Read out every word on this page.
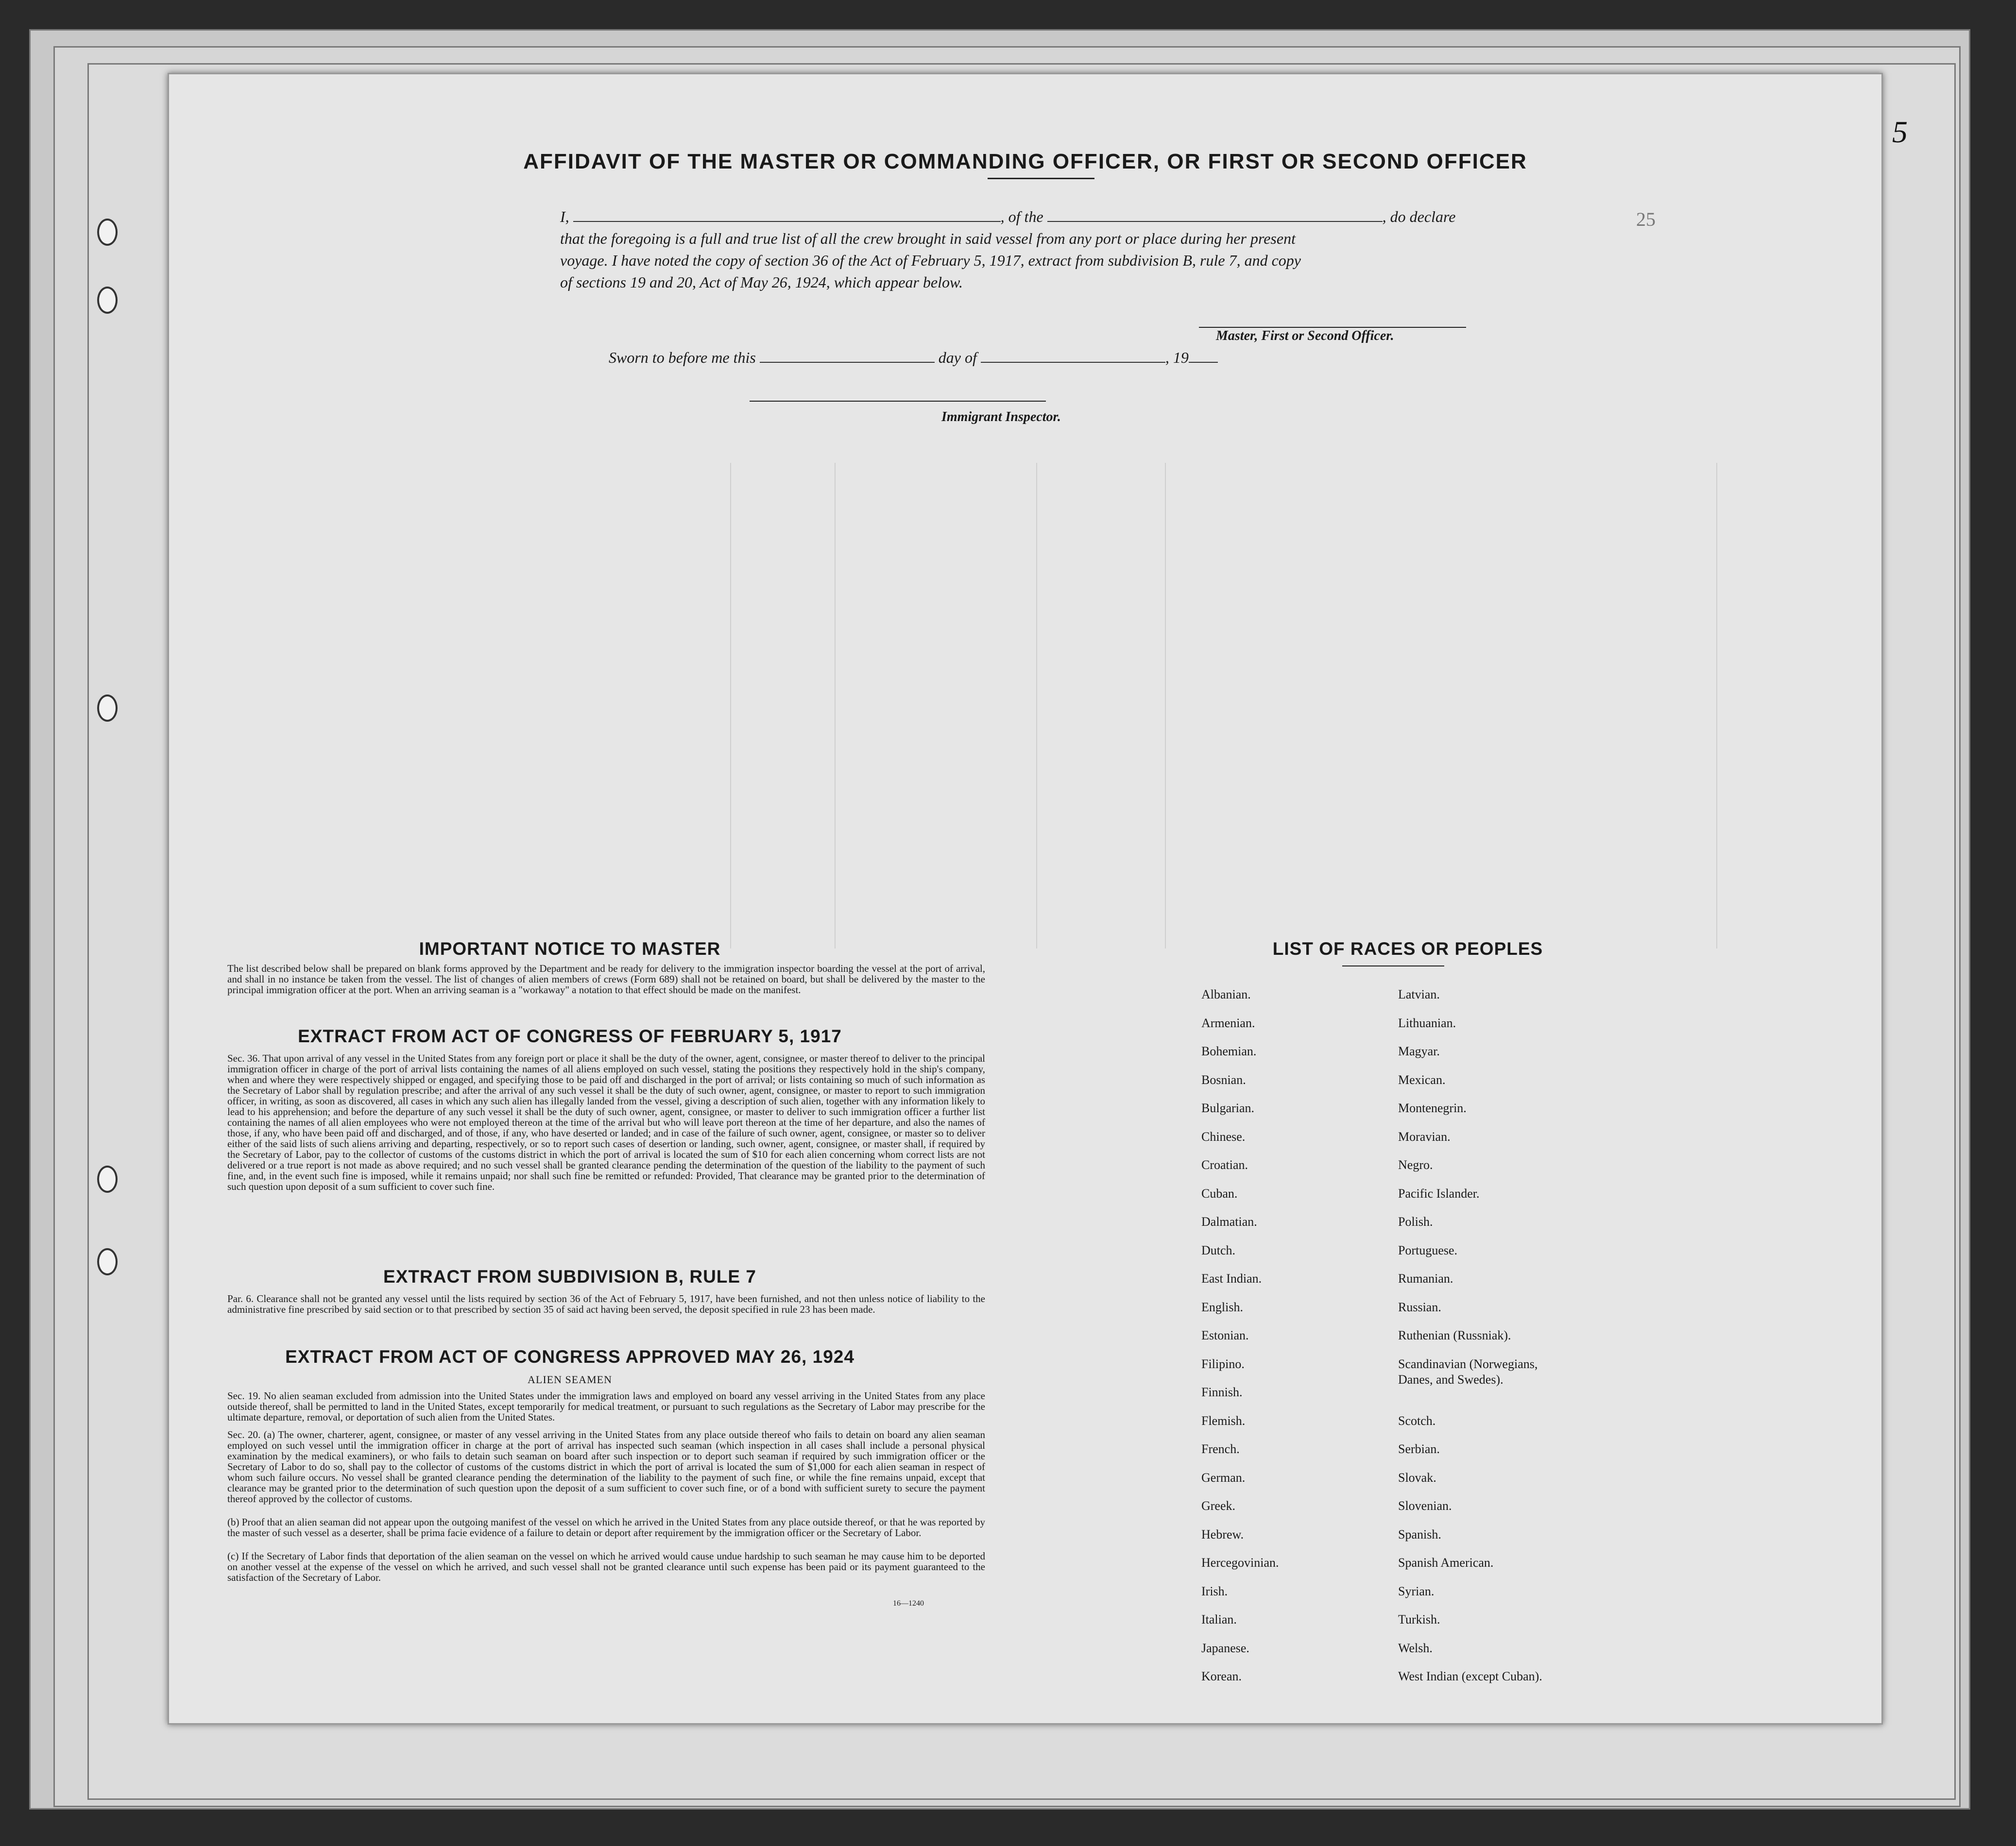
5
AFFIDAVIT OF THE MASTER OR COMMANDING OFFICER, OR FIRST OR SECOND OFFICER
25
I,	, of the	, do declare
that the foregoing is a full and true list of all the crew brought in said vessel from any port or place during her present
voyage. I have noted the copy of section 36 of the Act of February 5, 1917, extract from subdivision B, rule 7, and copy
of sections 19 and 20, Act of May 26, 1924, which appear below.
Master, First or Second Officer.
Sworn to before me this	day of	, 19
Immigrant Inspector.
IMPORTANT NOTICE TO MASTER
The list described below shall be prepared on blank forms approved by the Department and be ready for delivery to the immigration inspector boarding the vessel at the port of arrival, and shall in no instance be taken from the vessel. The list of changes of alien members of crews (Form 689) shall not be retained on board, but shall be delivered by the master to the principal immigration officer at the port. When an arriving seaman is a "workaway" a notation to that effect should be made on the manifest.
EXTRACT FROM ACT OF CONGRESS OF FEBRUARY 5, 1917
Sec. 36. That upon arrival of any vessel in the United States from any foreign port or place it shall be the duty of the owner, agent, consignee, or master thereof to deliver to the principal immigration officer in charge of the port of arrival lists containing the names of all aliens employed on such vessel, stating the positions they respectively hold in the ship's company, when and where they were respectively shipped or engaged, and specifying those to be paid off and discharged in the port of arrival; or lists containing so much of such information as the Secretary of Labor shall by regulation prescribe; and after the arrival of any such vessel it shall be the duty of such owner, agent, consignee, or master to report to such immigration officer, in writing, as soon as discovered, all cases in which any such alien has illegally landed from the vessel, giving a description of such alien, together with any information likely to lead to his apprehension; and before the departure of any such vessel it shall be the duty of such owner, agent, consignee, or master to deliver to such immigration officer a further list containing the names of all alien employees who were not employed thereon at the time of the arrival but who will leave port thereon at the time of her departure, and also the names of those, if any, who have been paid off and discharged, and of those, if any, who have deserted or landed; and in case of the failure of such owner, agent, consignee, or master so to deliver either of the said lists of such aliens arriving and departing, respectively, or so to report such cases of desertion or landing, such owner, agent, consignee, or master shall, if required by the Secretary of Labor, pay to the collector of customs of the customs district in which the port of arrival is located the sum of $10 for each alien concerning whom correct lists are not delivered or a true report is not made as above required; and no such vessel shall be granted clearance pending the determination of the question of the liability to the payment of such fine, and, in the event such fine is imposed, while it remains unpaid; nor shall such fine be remitted or refunded: Provided, That clearance may be granted prior to the determination of such question upon deposit of a sum sufficient to cover such fine.
EXTRACT FROM SUBDIVISION B, RULE 7
Par. 6. Clearance shall not be granted any vessel until the lists required by section 36 of the Act of February 5, 1917, have been furnished, and not then unless notice of liability to the administrative fine prescribed by said section or to that prescribed by section 35 of said act having been served, the deposit specified in rule 23 has been made.
EXTRACT FROM ACT OF CONGRESS APPROVED MAY 26, 1924
ALIEN SEAMEN
Sec. 19. No alien seaman excluded from admission into the United States under the immigration laws and employed on board any vessel arriving in the United States from any place outside thereof, shall be permitted to land in the United States, except temporarily for medical treatment, or pursuant to such regulations as the Secretary of Labor may prescribe for the ultimate departure, removal, or deportation of such alien from the United States.
Sec. 20. (a) The owner, charterer, agent, consignee, or master of any vessel arriving in the United States from any place outside thereof who fails to detain on board any alien seaman employed on such vessel until the immigration officer in charge at the port of arrival has inspected such seaman (which inspection in all cases shall include a personal physical examination by the medical examiners), or who fails to detain such seaman on board after such inspection or to deport such seaman if required by such immigration officer or the Secretary of Labor to do so, shall pay to the collector of customs of the customs district in which the port of arrival is located the sum of $1,000 for each alien seaman in respect of whom such failure occurs. No vessel shall be granted clearance pending the determination of the liability to the payment of such fine, or while the fine remains unpaid, except that clearance may be granted prior to the determination of such question upon the deposit of a sum sufficient to cover such fine, or of a bond with sufficient surety to secure the payment thereof approved by the collector of customs.
(b) Proof that an alien seaman did not appear upon the outgoing manifest of the vessel on which he arrived in the United States from any place outside thereof, or that he was reported by the master of such vessel as a deserter, shall be prima facie evidence of a failure to detain or deport after requirement by the immigration officer or the Secretary of Labor.
(c) If the Secretary of Labor finds that deportation of the alien seaman on the vessel on which he arrived would cause undue hardship to such seaman he may cause him to be deported on another vessel at the expense of the vessel on which he arrived, and such vessel shall not be granted clearance until such expense has been paid or its payment guaranteed to the satisfaction of the Secretary of Labor.
16—1240
LIST OF RACES OR PEOPLES
Albanian.
Armenian.
Bohemian.
Bosnian.
Bulgarian.
Chinese.
Croatian.
Cuban.
Dalmatian.
Dutch.
East Indian.
English.
Estonian.
Filipino.
Finnish.
Flemish.
French.
German.
Greek.
Hebrew.
Hercegovinian.
Irish.
Italian.
Japanese.
Korean.
Latvian.
Lithuanian.
Magyar.
Mexican.
Montenegrin.
Moravian.
Negro.
Pacific Islander.
Polish.
Portuguese.
Rumanian.
Russian.
Ruthenian (Russniak).
Scandinavian (Norwegians,
Danes, and Swedes).
Scotch.
Serbian.
Slovak.
Slovenian.
Spanish.
Spanish American.
Syrian.
Turkish.
Welsh.
West Indian (except Cuban).
